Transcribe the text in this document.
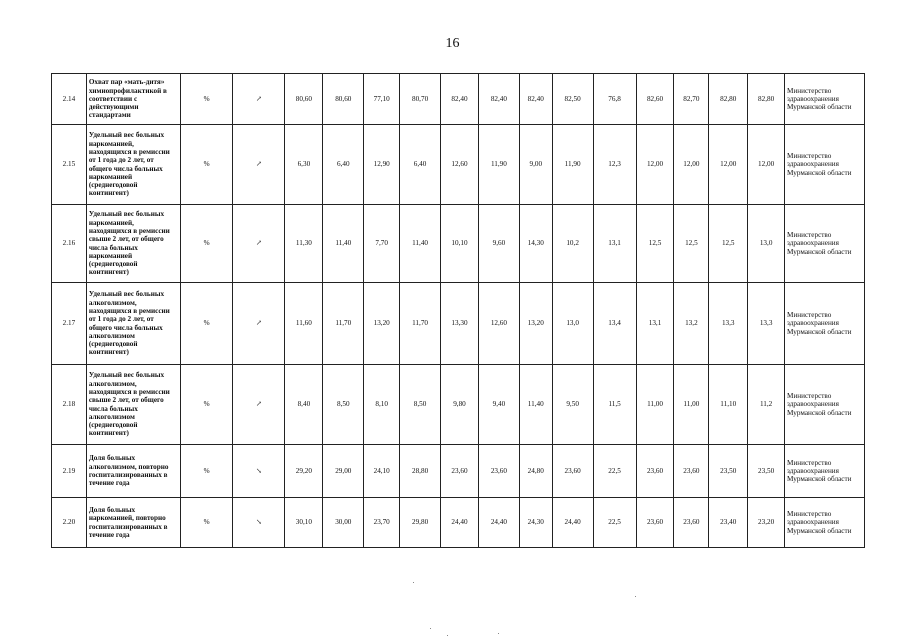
16
2.14	Охват пар «мать-дитя» химиопрофилактикой в соответствии с действующими стандартами	%	↗	80,60	80,60	77,10	80,70	82,40	82,40	82,40	82,50	76,8	82,60	82,70	82,80	82,80	Министерство здравоохранения Мурманской области
2.15	Удельный вес больных наркоманией, находящихся в ремиссии от 1 года до 2 лет, от общего числа больных наркоманией (среднегодовой контингент)	%	↗	6,30	6,40	12,90	6,40	12,60	11,90	9,00	11,90	12,3	12,00	12,00	12,00	12,00	Министерство здравоохранения Мурманской области
2.16	Удельный вес больных наркоманией, находящихся в ремиссии свыше 2 лет, от общего числа больных наркоманией (среднегодовой контингент)	%	↗	11,30	11,40	7,70	11,40	10,10	9,60	14,30	10,2	13,1	12,5	12,5	12,5	13,0	Министерство здравоохранения Мурманской области
2.17	Удельный вес больных алкоголизмом, находящихся в ремиссии от 1 года до 2 лет, от общего числа больных алкоголизмом (среднегодовой контингент)	%	↗	11,60	11,70	13,20	11,70	13,30	12,60	13,20	13,0	13,4	13,1	13,2	13,3	13,3	Министерство здравоохранения Мурманской области
2.18	Удельный вес больных алкоголизмом, находящихся в ремиссии свыше 2 лет, от общего числа больных алкоголизмом (среднегодовой контингент)	%	↗	8,40	8,50	8,10	8,50	9,80	9,40	11,40	9,50	11,5	11,00	11,00	11,10	11,2	Министерство здравоохранения Мурманской области
2.19	Доля больных алкоголизмом, повторно госпитализированных в течение года	%	↘	29,20	29,00	24,10	28,80	23,60	23,60	24,80	23,60	22,5	23,60	23,60	23,50	23,50	Министерство здравоохранения Мурманской области
2.20	Доля больных наркоманией, повторно госпитализированных в течение года	%	↘	30,10	30,00	23,70	29,80	24,40	24,40	24,30	24,40	22,5	23,60	23,60	23,40	23,20	Министерство здравоохранения Мурманской области
